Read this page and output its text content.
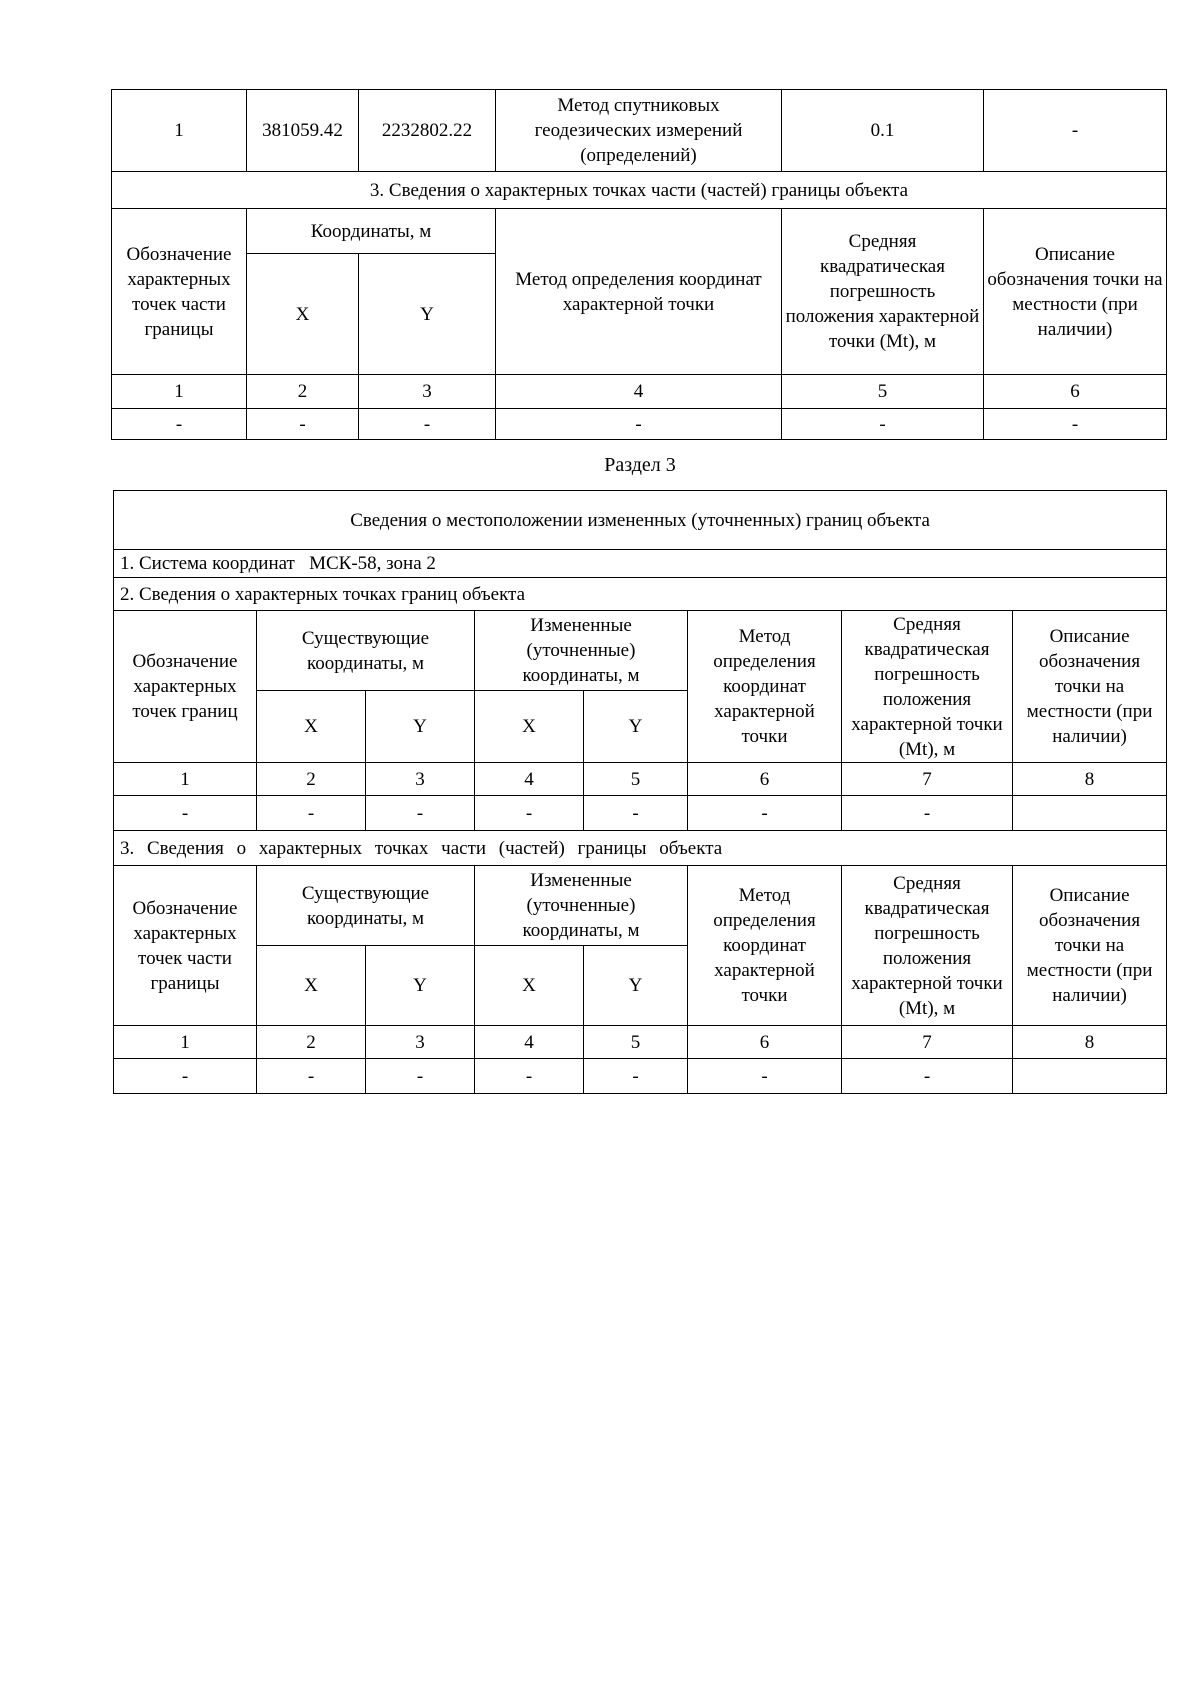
1	381059.42	2232802.22	Метод спутниковых геодезических измерений (определений)	0.1	-
3. Сведения о характерных точках части (частей) границы объекта					
Обозначение характерных точек части границы	Координаты, м		Метод определения координат характерной точки	Средняя квадратическая погрешность положения характерной точки (Mt), м	Описание обозначения точки на местности (при наличии)
	X	Y			
1	2	3	4	5	6
-	-	-	-	-	-
Раздел 3
Сведения о местоположении измененных (уточненных) границ объекта							
1. Система координат   МСК-58, зона 2							
2. Сведения о характерных точках границ объекта							
Обозначение характерных точек границ	Существующие координаты, м		Измененные (уточненные) координаты, м		Метод определения координат характерной точки	Средняя квадратическая погрешность положения характерной точки (Mt), м	Описание обозначения точки на местности (при наличии)
	X	Y	X	Y			
1	2	3	4	5	6	7	8
-	-	-	-	-	-	-	
3. Сведения о характерных точках части (частей) границы объекта							
Обозначение характерных точек части границы	Существующие координаты, м		Измененные (уточненные) координаты, м		Метод определения координат характерной точки	Средняя квадратическая погрешность положения характерной точки (Mt), м	Описание обозначения точки на местности (при наличии)
	X	Y	X	Y			
1	2	3	4	5	6	7	8
-	-	-	-	-	-	-	
